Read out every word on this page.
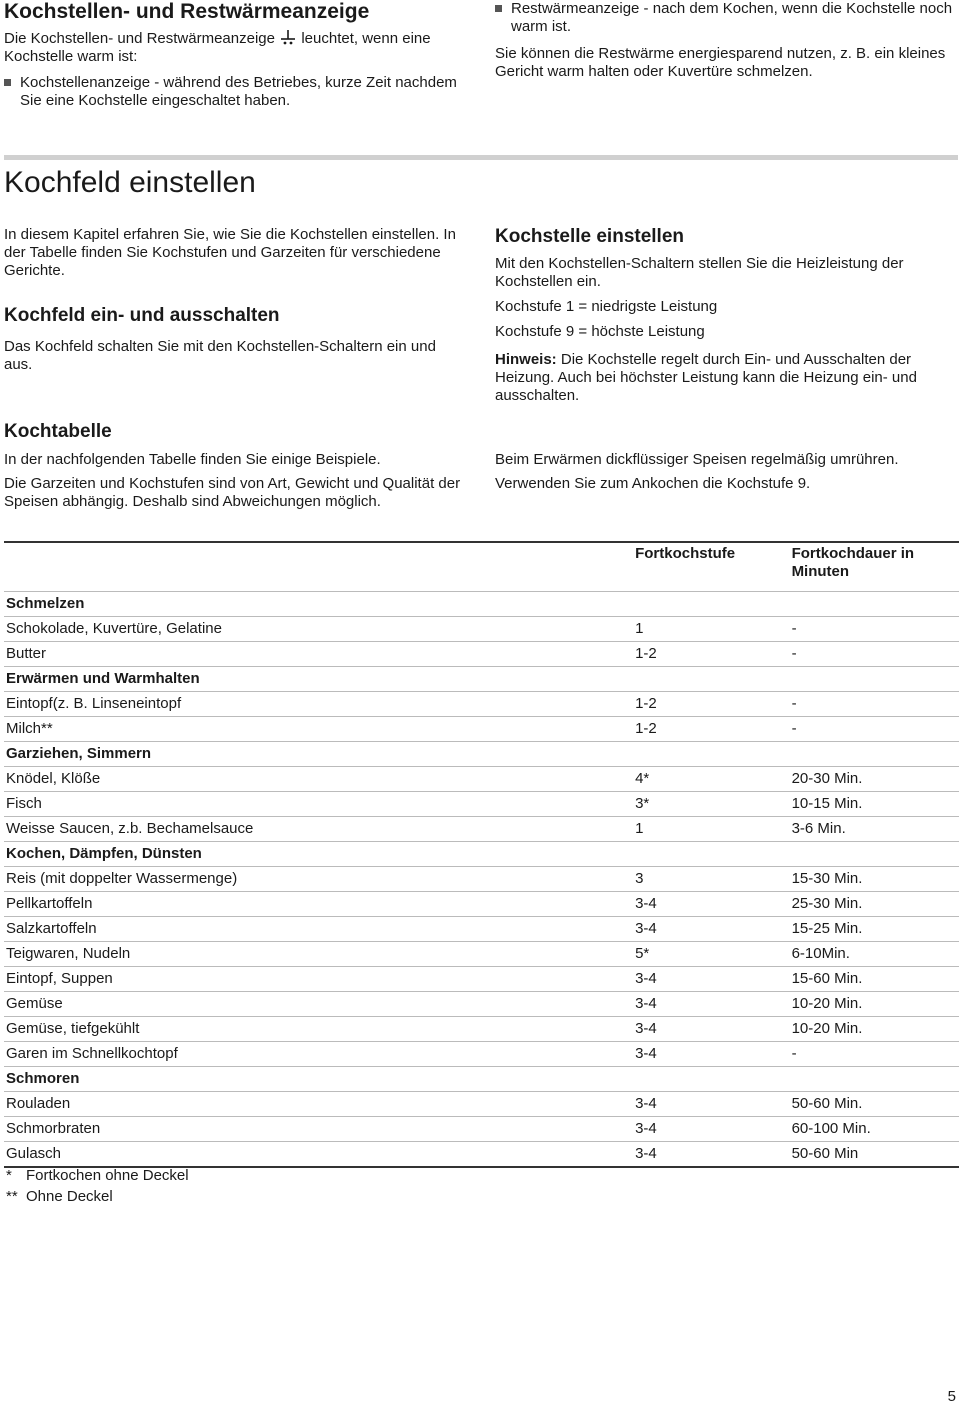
Kochstellen- und Restwärmeanzeige

Die Kochstellen- und Restwärmeanzeige leuchtet, wenn eine Kochstelle warm ist:

Kochstellenanzeige - während des Betriebes, kurze Zeit nachdem Sie eine Kochstelle eingeschaltet haben.

Restwärmeanzeige - nach dem Kochen, wenn die Kochstelle noch warm ist.

Sie können die Restwärme energiesparend nutzen, z. B. ein kleines Gericht warm halten oder Kuvertüre schmelzen.

Kochfeld einstellen

In diesem Kapitel erfahren Sie, wie Sie die Kochstellen einstellen. In der Tabelle finden Sie Kochstufen und Garzeiten für verschiedene Gerichte.

Kochfeld ein- und ausschalten

Das Kochfeld schalten Sie mit den Kochstellen-Schaltern ein und aus.

Kochtabelle

In der nachfolgenden Tabelle finden Sie einige Beispiele.

Die Garzeiten und Kochstufen sind von Art, Gewicht und Qualität der Speisen abhängig. Deshalb sind Abweichungen möglich.

Kochstelle einstellen

Mit den Kochstellen-Schaltern stellen Sie die Heizleistung der Kochstellen ein.

Kochstufe 1 = niedrigste Leistung

Kochstufe 9 = höchste Leistung

Hinweis: Die Kochstelle regelt durch Ein- und Ausschalten der Heizung. Auch bei höchster Leistung kann die Heizung ein- und ausschalten.

Beim Erwärmen dickflüssiger Speisen regelmäßig umrühren.

Verwenden Sie zum Ankochen die Kochstufe 9.

	Fortkochstufe	Fortkochdauer in Minuten
Schmelzen		
Schokolade, Kuvertüre, Gelatine	1	-
Butter	1-2	-
Erwärmen und Warmhalten		
Eintopf(z. B. Linseneintopf	1-2	-
Milch**	1-2	-
Garziehen, Simmern		
Knödel, Klöße	4*	20-30 Min.
Fisch	3*	10-15 Min.
Weisse Saucen, z.b. Bechamelsauce	1	3-6 Min.
Kochen, Dämpfen, Dünsten		
Reis (mit doppelter Wassermenge)	3	15-30 Min.
Pellkartoffeln	3-4	25-30 Min.
Salzkartoffeln	3-4	15-25 Min.
Teigwaren, Nudeln	5*	6-10Min.
Eintopf, Suppen	3-4	15-60 Min.
Gemüse	3-4	10-20 Min.
Gemüse, tiefgekühlt	3-4	10-20 Min.
Garen im Schnellkochtopf	3-4	-
Schmoren		
Rouladen	3-4	50-60 Min.
Schmorbraten	3-4	60-100 Min.
Gulasch	3-4	50-60 Min
* Fortkochen ohne Deckel
** Ohne Deckel
5
